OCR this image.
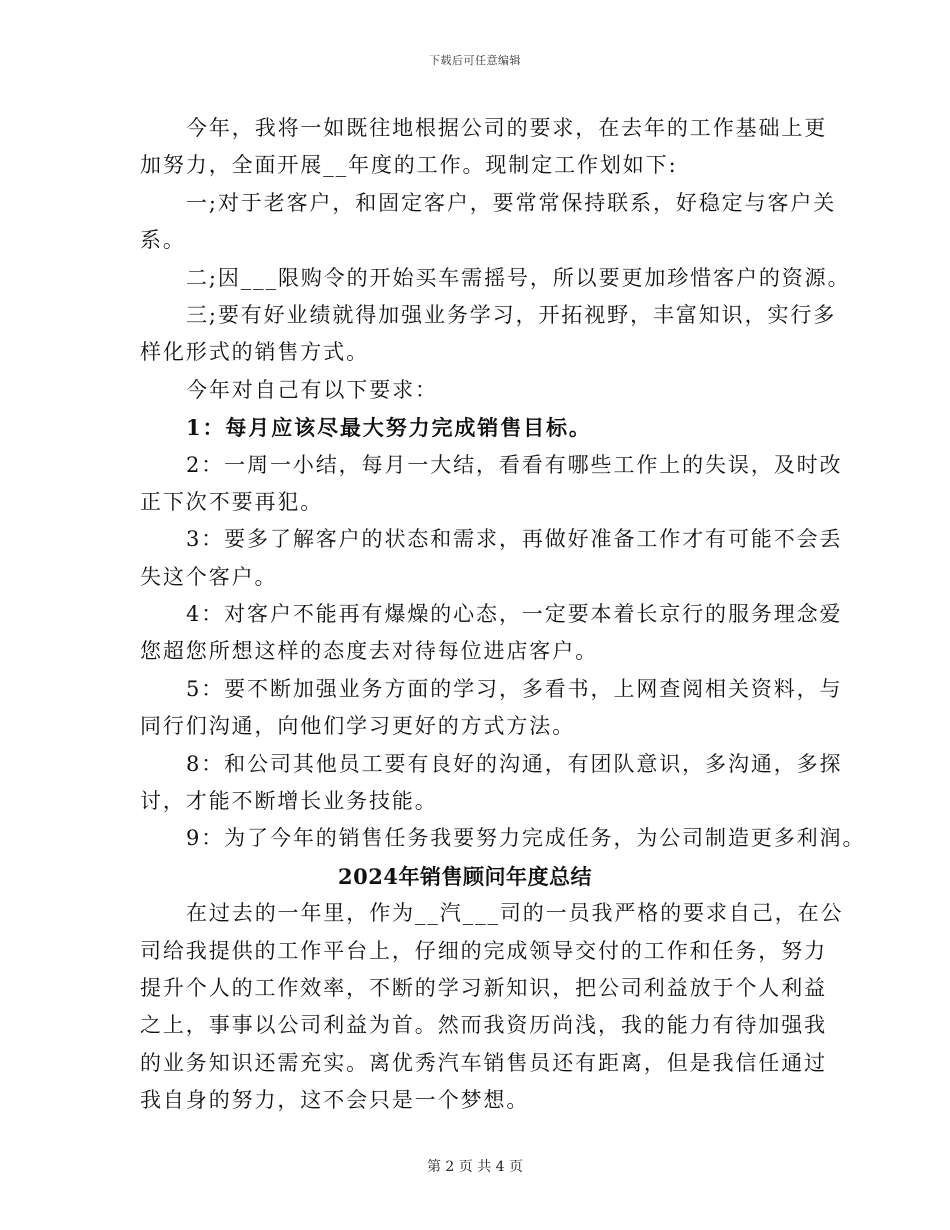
下载后可任意编辑
今年，我将一如既往地根据公司的要求，在去年的工作基础上更
加努力，全面开展__年度的工作。现制定工作划如下:
一;对于老客户，和固定客户，要常常保持联系，好稳定与客户关
系。
二;因___限购令的开始买车需摇号，所以要更加珍惜客户的资源。
三;要有好业绩就得加强业务学习，开拓视野，丰富知识，实行多
样化形式的销售方式。
今年对自己有以下要求：
1：每月应该尽最大努力完成销售目标。
2：一周一小结，每月一大结，看看有哪些工作上的失误，及时改
正下次不要再犯。
3：要多了解客户的状态和需求，再做好准备工作才有可能不会丢
失这个客户。
4：对客户不能再有爆燥的心态，一定要本着长京行的服务理念爱
您超您所想这样的态度去对待每位进店客户。
5：要不断加强业务方面的学习，多看书，上网查阅相关资料，与
同行们沟通，向他们学习更好的方式方法。
8：和公司其他员工要有良好的沟通，有团队意识，多沟通，多探
讨，才能不断增长业务技能。
9：为了今年的销售任务我要努力完成任务，为公司制造更多利润。
2024年销售顾问年度总结
在过去的一年里，作为__汽___司的一员我严格的要求自己，在公
司给我提供的工作平台上，仔细的完成领导交付的工作和任务，努力
提升个人的工作效率，不断的学习新知识，把公司利益放于个人利益
之上，事事以公司利益为首。然而我资历尚浅，我的能力有待加强我
的业务知识还需充实。离优秀汽车销售员还有距离，但是我信任通过
我自身的努力，这不会只是一个梦想。
第 2 页 共 4 页
